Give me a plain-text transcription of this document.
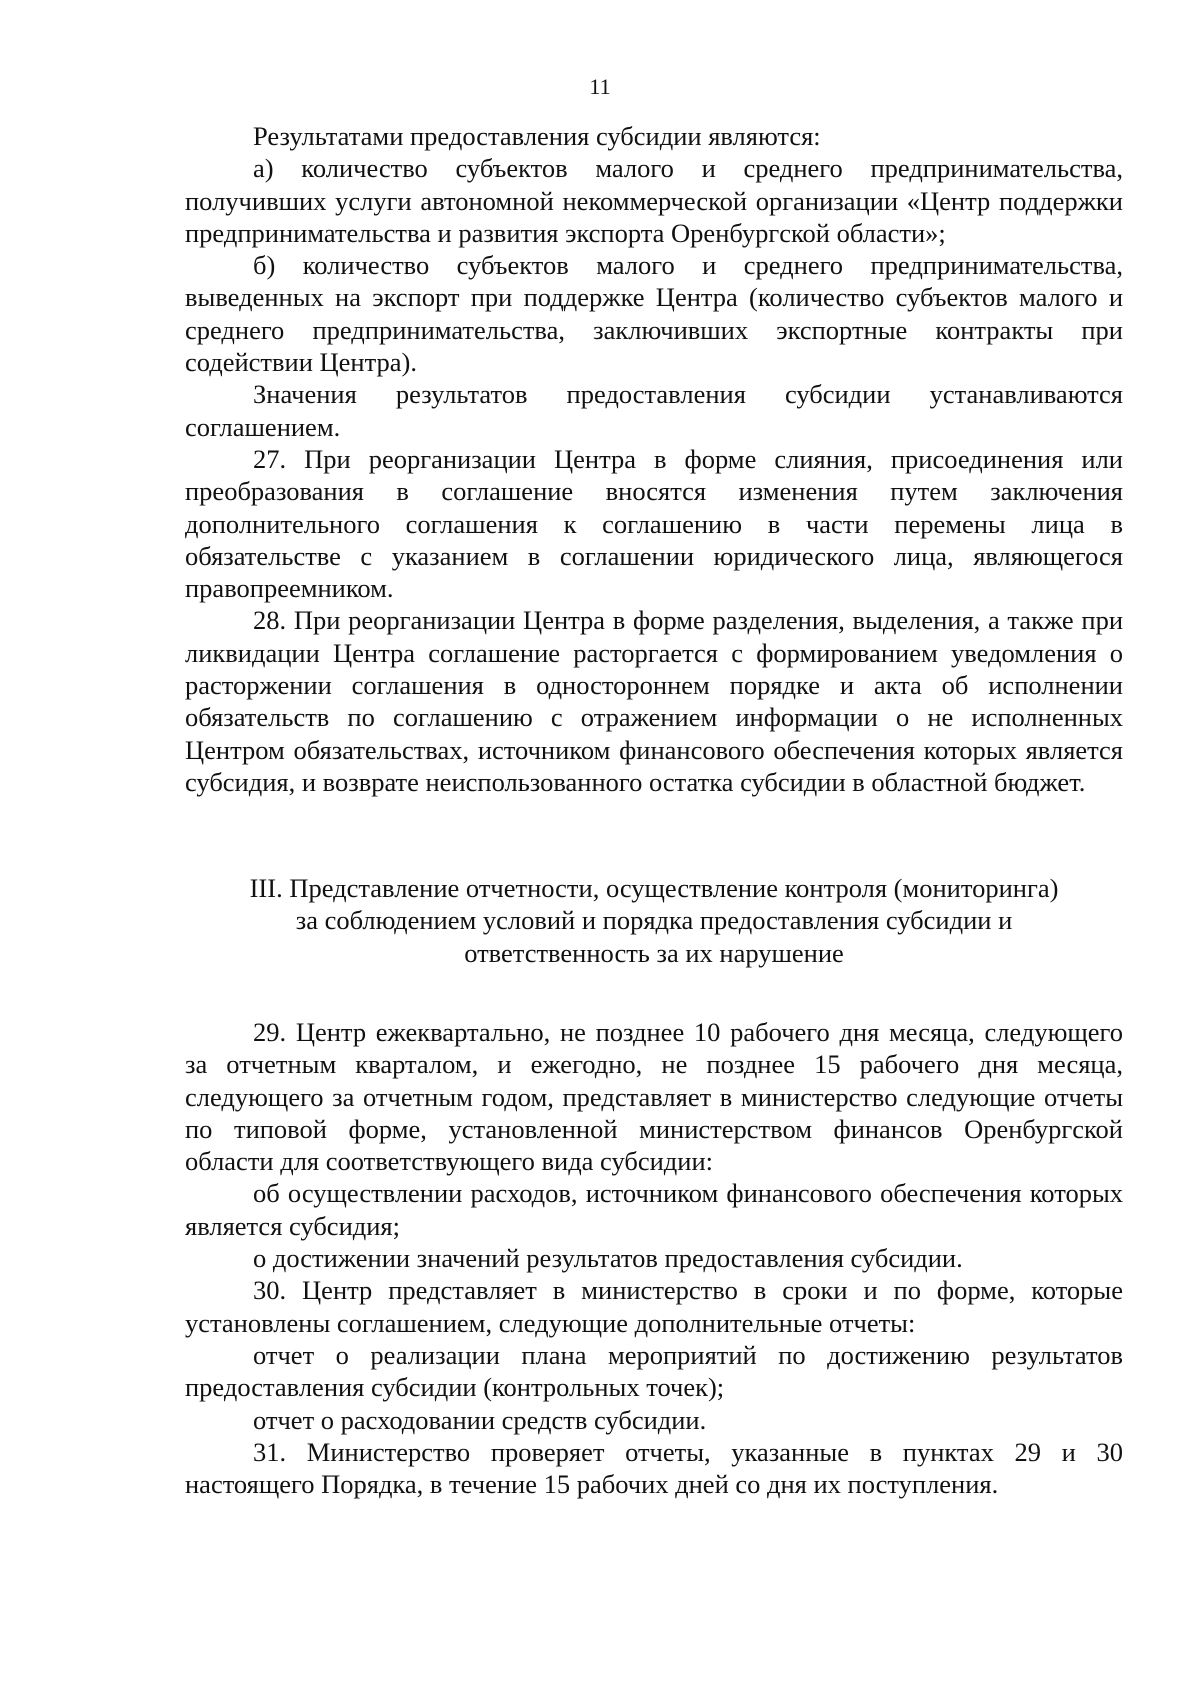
11

Результатами предоставления субсидии являются:

а) количество субъектов малого и среднего предпринимательства, получивших услуги автономной некоммерческой организации «Центр поддержки предпринимательства и развития экспорта Оренбургской области»;

б) количество субъектов малого и среднего предпринимательства, выведенных на экспорт при поддержке Центра (количество субъектов малого и среднего предпринимательства, заключивших экспортные контракты при содействии Центра).

Значения результатов предоставления субсидии устанавливаются соглашением.

27. При реорганизации Центра в форме слияния, присоединения или преобразования в соглашение вносятся изменения путем заключения дополнительного соглашения к соглашению в части перемены лица в обязательстве с указанием в соглашении юридического лица, являющегося правопреемником.

28. При реорганизации Центра в форме разделения, выделения, а также при ликвидации Центра соглашение расторгается с формированием уведомления о расторжении соглашения в одностороннем порядке и акта об исполнении обязательств по соглашению с отражением информации о не исполненных Центром обязательствах, источником финансового обеспечения которых является субсидия, и возврате неиспользованного остатка субсидии в областной бюджет.

III. Представление отчетности, осуществление контроля (мониторинга)
за соблюдением условий и порядка предоставления субсидии и
ответственность за их нарушение

29. Центр ежеквартально, не позднее 10 рабочего дня месяца, следующего за отчетным кварталом, и ежегодно, не позднее 15 рабочего дня месяца, следующего за отчетным годом, представляет в министерство следующие отчеты по типовой форме, установленной министерством финансов Оренбургской области для соответствующего вида субсидии:

об осуществлении расходов, источником финансового обеспечения которых является субсидия;

о достижении значений результатов предоставления субсидии.

30. Центр представляет в министерство в сроки и по форме, которые установлены соглашением, следующие дополнительные отчеты:

отчет о реализации плана мероприятий по достижению результатов предоставления субсидии (контрольных точек);

отчет о расходовании средств субсидии.

31. Министерство проверяет отчеты, указанные в пунктах 29 и 30 настоящего Порядка, в течение 15 рабочих дней со дня их поступления.
